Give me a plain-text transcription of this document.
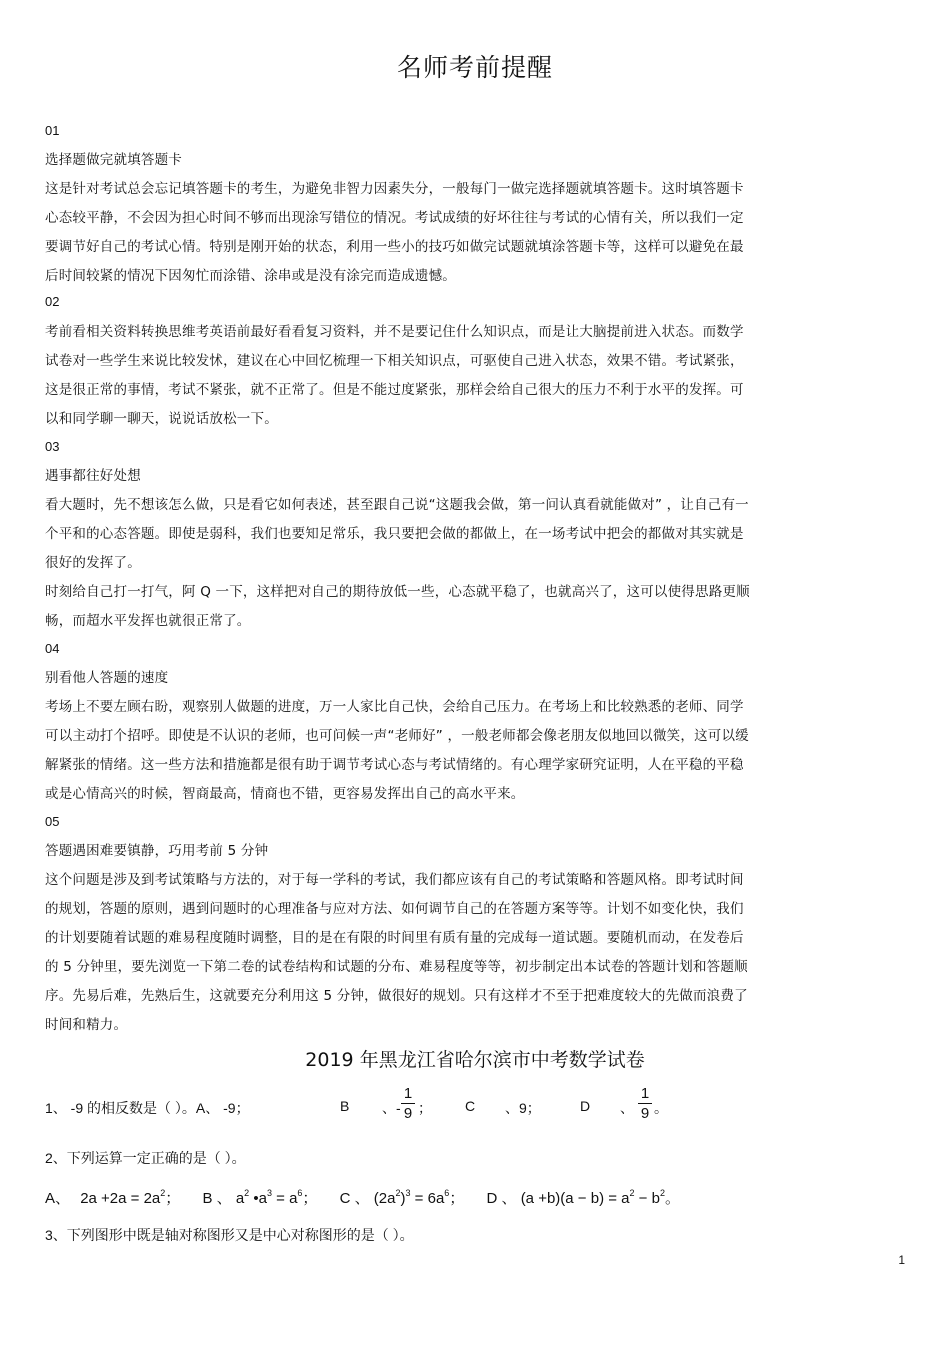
名师考前提醒
01
选择题做完就填答题卡
这是针对考试总会忘记填答题卡的考生，为避免非智力因素失分，一般每门一做完选择题就填答题卡。这时填答题卡
心态较平静，不会因为担心时间不够而出现涂写错位的情况。考试成绩的好坏往往与考试的心情有关，所以我们一定
要调节好自己的考试心情。特别是刚开始的状态，利用一些小的技巧如做完试题就填涂答题卡等，这样可以避免在最
后时间较紧的情况下因匆忙而涂错、涂串或是没有涂完而造成遗憾。
02
考前看相关资料转换思维考英语前最好看看复习资料，并不是要记住什么知识点，而是让大脑提前进入状态。而数学
试卷对一些学生来说比较发怵，建议在心中回忆梳理一下相关知识点，可驱使自己进入状态，效果不错。考试紧张，
这是很正常的事情，考试不紧张，就不正常了。但是不能过度紧张，那样会给自己很大的压力不利于水平的发挥。可
以和同学聊一聊天，说说话放松一下。
03
遇事都往好处想
看大题时，先不想该怎么做，只是看它如何表述，甚至跟自己说“这题我会做，第一问认真看就能做对” ，让自己有一
个平和的心态答题。即使是弱科，我们也要知足常乐，我只要把会做的都做上，在一场考试中把会的都做对其实就是
很好的发挥了。
时刻给自己打一打气，阿 Q 一下，这样把对自己的期待放低一些，心态就平稳了，也就高兴了，这可以使得思路更顺
畅，而超水平发挥也就很正常了。
04
别看他人答题的速度
考场上不要左顾右盼，观察别人做题的进度，万一人家比自己快，会给自己压力。在考场上和比较熟悉的老师、同学
可以主动打个招呼。即使是不认识的老师，也可问候一声“老师好” ，一般老师都会像老朋友似地回以微笑，这可以缓
解紧张的情绪。这一些方法和措施都是很有助于调节考试心态与考试情绪的。有心理学家研究证明，人在平稳的平稳
或是心情高兴的时候，智商最高，情商也不错，更容易发挥出自己的高水平来。
05
答题遇困难要镇静，巧用考前 5 分钟
这个问题是涉及到考试策略与方法的，对于每一学科的考试，我们都应该有自己的考试策略和答题风格。即考试时间
的规划，答题的原则，遇到问题时的心理准备与应对方法、如何调节自己的在答题方案等等。计划不如变化快，我们
的计划要随着试题的难易程度随时调整，目的是在有限的时间里有质有量的完成每一道试题。要随机而动，在发卷后
的 5 分钟里，要先浏览一下第二卷的试卷结构和试题的分布、难易程度等等，初步制定出本试卷的答题计划和答题顺
序。先易后难，先熟后生，这就要充分利用这 5 分钟，做很好的规划。只有这样才不至于把难度较大的先做而浪费了
时间和精力。
2019 年黑龙江省哈尔滨市中考数学试卷
1、 -9 的相反数是（ ）。A、 -9；	B 、-
1
9 ； C 、9；	D 、
1
9 。
2、下列运算一定正确的是（ ）。
A、 $2a +2a = 2a^2$； B 、 $a^2$ $•a^3 = a^6$； C 、 $(2a^2)^3 = 6a^6$； D 、 $(a +b)(a - b) = a^2 - b^2$。
3、下列图形中既是轴对称图形又是中心对称图形的是（ ）。
1
